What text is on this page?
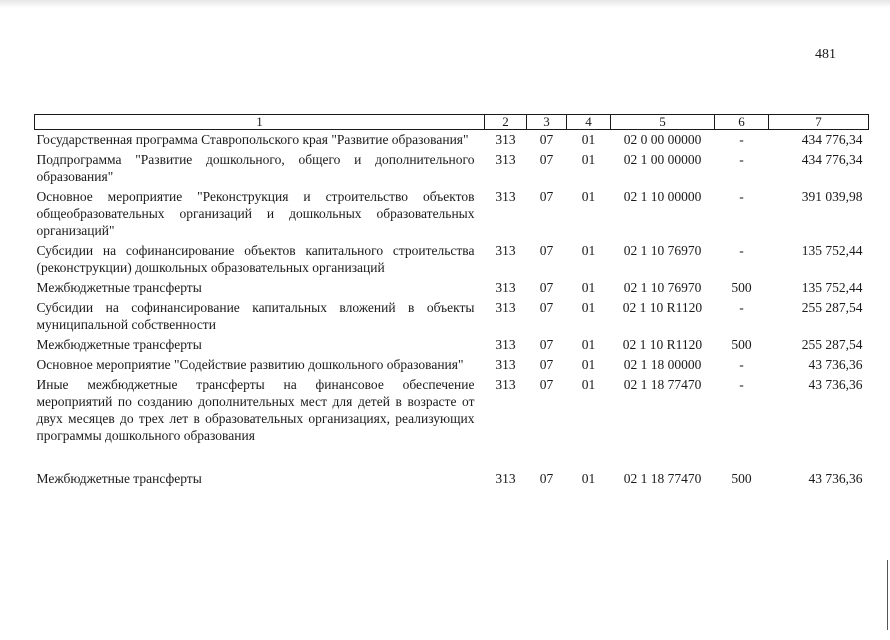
481
1	2	3	4	5	6	7
Государственная программа Ставропольского края "Развитие образования"	313	07	01	02 0 00 00000	-	434 776,34
Подпрограмма "Развитие дошкольного, общего и дополнительного образования"	313	07	01	02 1 00 00000	-	434 776,34
Основное мероприятие "Реконструкция и строительство объектов общеобразовательных организаций и дошкольных образовательных организаций"	313	07	01	02 1 10 00000	-	391 039,98
Субсидии на софинансирование объектов капитального строительства (реконструкции) дошкольных образовательных организаций	313	07	01	02 1 10 76970	-	135 752,44
Межбюджетные трансферты	313	07	01	02 1 10 76970	500	135 752,44
Субсидии на софинансирование капитальных вложений в объекты муниципальной собственности	313	07	01	02 1 10 R1120	-	255 287,54
Межбюджетные трансферты	313	07	01	02 1 10 R1120	500	255 287,54
Основное мероприятие "Содействие развитию дошкольного образования"	313	07	01	02 1 18 00000	-	43 736,36
Иные межбюджетные трансферты на финансовое обеспечение мероприятий по созданию дополнительных мест для детей в возрасте от двух месяцев до трех лет в образовательных организациях, реализующих программы дошкольного образования	313	07	01	02 1 18 77470	-	43 736,36
Межбюджетные трансферты	313	07	01	02 1 18 77470	500	43 736,36
